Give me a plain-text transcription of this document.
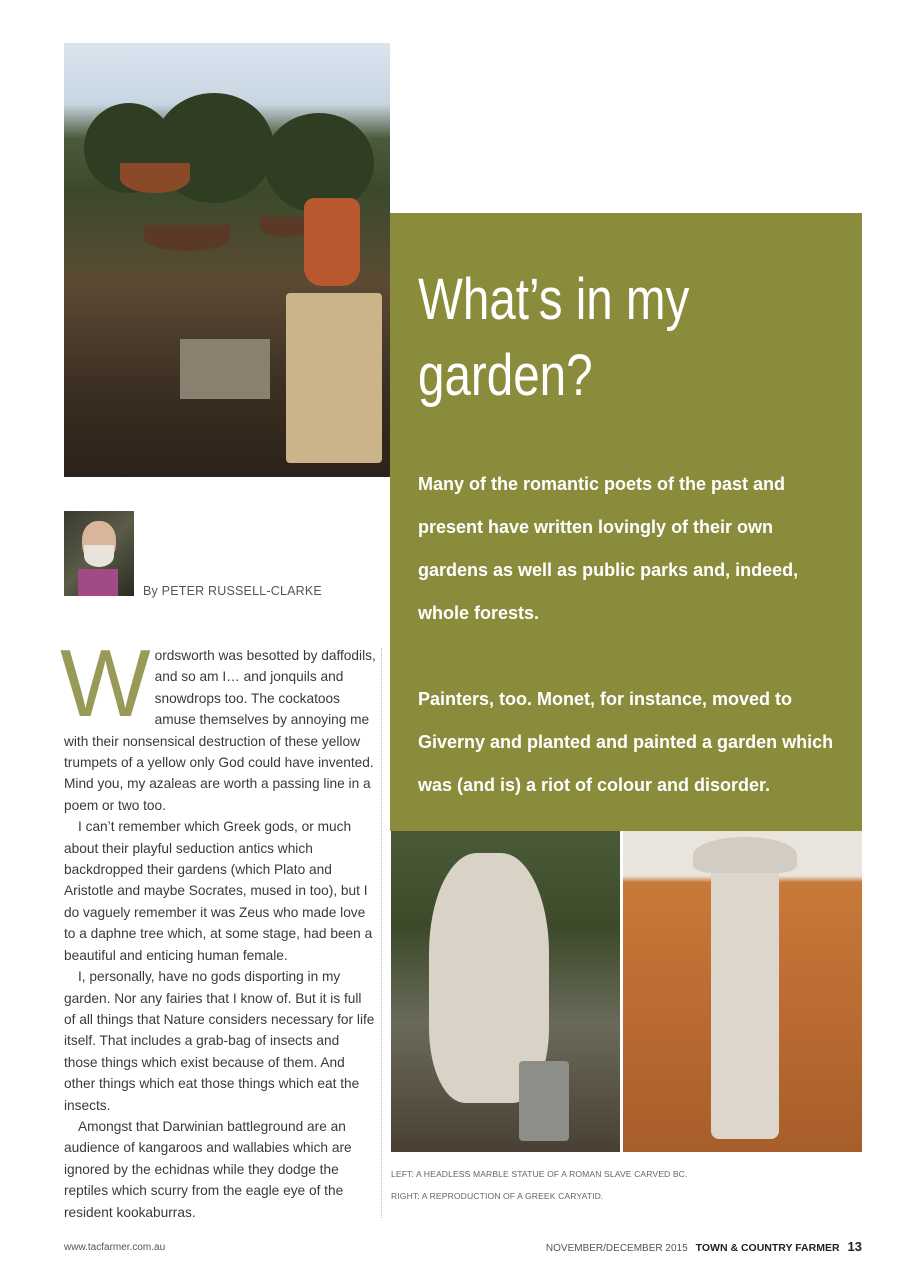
What’s in my
garden?

Many of the romantic poets of the past and present have written lovingly of their own gardens as well as public parks and, indeed, whole forests.

Painters, too. Monet, for instance, moved to Giverny and planted and painted a garden which was (and is) a riot of colour and disorder.

By PETER RUSSELL-CLARKE

Wordsworth was besotted by daffodils, and so am I… and jonquils and snowdrops too. The cockatoos amuse themselves by annoying me with their nonsensical destruction of these yellow trumpets of a yellow only God could have invented. Mind you, my azaleas are worth a passing line in a poem or two too.

I can’t remember which Greek gods, or much about their playful seduction antics which backdropped their gardens (which Plato and Aristotle and maybe Socrates, mused in too), but I do vaguely remember it was Zeus who made love to a daphne tree which, at some stage, had been a beautiful and enticing human female.

I, personally, have no gods disporting in my garden. Nor any fairies that I know of. But it is full of all things that Nature considers necessary for life itself. That includes a grab-bag of insects and those things which exist because of them. And other things which eat those things which eat the insects.

Amongst that Darwinian battleground are an audience of kangaroos and wallabies which are ignored by the echidnas while they dodge the reptiles which scurry from the eagle eye of the resident kookaburras.

LEFT: A HEADLESS MARBLE STATUE OF A ROMAN SLAVE CARVED BC.
RIGHT: A REPRODUCTION OF A GREEK CARYATID.
www.tacfarmer.com.au	NOVEMBER/DECEMBER 2015 TOWN & COUNTRY FARMER 13
